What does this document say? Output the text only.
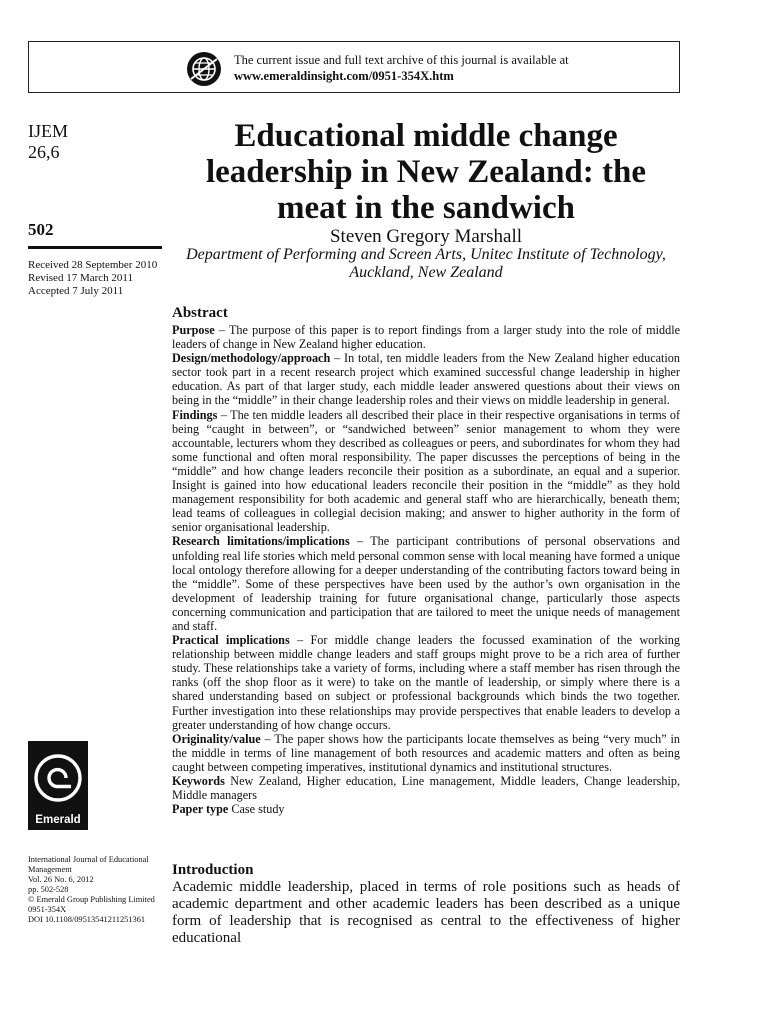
The current issue and full text archive of this journal is available at
www.emeraldinsight.com/0951-354X.htm
IJEM
26,6
502
Received 28 September 2010
Revised 17 March 2011
Accepted 7 July 2011
Educational middle change leadership in New Zealand: the meat in the sandwich
Steven Gregory Marshall
Department of Performing and Screen Arts, Unitec Institute of Technology, Auckland, New Zealand
Abstract

Purpose – The purpose of this paper is to report findings from a larger study into the role of middle leaders of change in New Zealand higher education.

Design/methodology/approach – In total, ten middle leaders from the New Zealand higher education sector took part in a recent research project which examined successful change leadership in higher education. As part of that larger study, each middle leader answered questions about their views on being in the “middle” in their change leadership roles and their views on middle leadership in general.

Findings – The ten middle leaders all described their place in their respective organisations in terms of being “caught in between”, or “sandwiched between” senior management to whom they were accountable, lecturers whom they described as colleagues or peers, and subordinates for whom they had some functional and often moral responsibility. The paper discusses the perceptions of being in the “middle” and how change leaders reconcile their position as a subordinate, an equal and a superior. Insight is gained into how educational leaders reconcile their position in the “middle” as they hold management responsibility for both academic and general staff who are hierarchically, beneath them; lead teams of colleagues in collegial decision making; and answer to higher authority in the form of senior organisational leadership.

Research limitations/implications – The participant contributions of personal observations and unfolding real life stories which meld personal common sense with local meaning have formed a unique local ontology therefore allowing for a deeper understanding of the contributing factors toward being in the “middle”. Some of these perspectives have been used by the author’s own organisation in the development of leadership training for future organisational change, particularly those aspects concerning communication and participation that are tailored to meet the unique needs of management and staff.

Practical implications – For middle change leaders the focussed examination of the working relationship between middle change leaders and staff groups might prove to be a rich area of further study. These relationships take a variety of forms, including where a staff member has risen through the ranks (off the shop floor as it were) to take on the mantle of leadership, or simply where there is a shared understanding based on subject or professional backgrounds which binds the two together. Further investigation into these relationships may provide perspectives that enable leaders to develop a greater understanding of how change occurs.

Originality/value – The paper shows how the participants locate themselves as being “very much” in the middle in terms of line management of both resources and academic matters and often as being caught between competing imperatives, institutional dynamics and institutional structures.

Keywords New Zealand, Higher education, Line management, Middle leaders, Change leadership, Middle managers

Paper type Case study

Emerald
International Journal of Educational
Management
Vol. 26 No. 6, 2012
pp. 502-528
© Emerald Group Publishing Limited
0951-354X
DOI 10.1108/09513541211251361
Introduction

Academic middle leadership, placed in terms of role positions such as heads of academic department and other academic leaders has been described as a unique form of leadership that is recognised as central to the effectiveness of higher educational
